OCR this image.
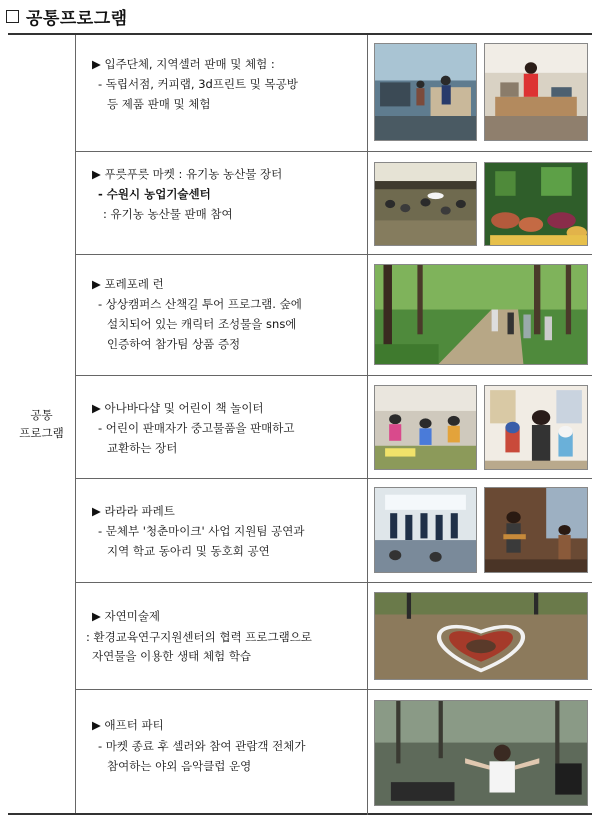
공통프로그램
공통
프로그램
▶ 입주단체, 지역셀러 판매 및 체험 :
- 독립서점, 커피랩, 3d프린트 및 목공방
등 제품 판매 및 체험
▶ 푸릇푸릇 마켓 : 유기농 농산물 장터
- 수원시 농업기술센터
: 유기농 농산물 판매 참여
▶ 포레포레 런
- 상상캠퍼스 산책길 투어 프로그램. 숲에
설치되어 있는 캐릭터 조성물을 sns에
인증하여 참가팀 상품 증정
▶ 아나바다샵 및 어린이 책 놀이터
- 어린이 판매자가 중고물품을 판매하고
교환하는 장터
▶ 라라라 파레트
- 문체부 '청춘마이크' 사업 지원팀 공연과
지역 학교 동아리 및 동호회 공연
▶ 자연미술제
: 환경교육연구지원센터의 협력 프로그램으로
자연물을 이용한 생태 체험 학습
▶ 애프터 파티
- 마켓 종료 후 셀러와 참여 관람객 전체가
참여하는 야외 음악클럽 운영
